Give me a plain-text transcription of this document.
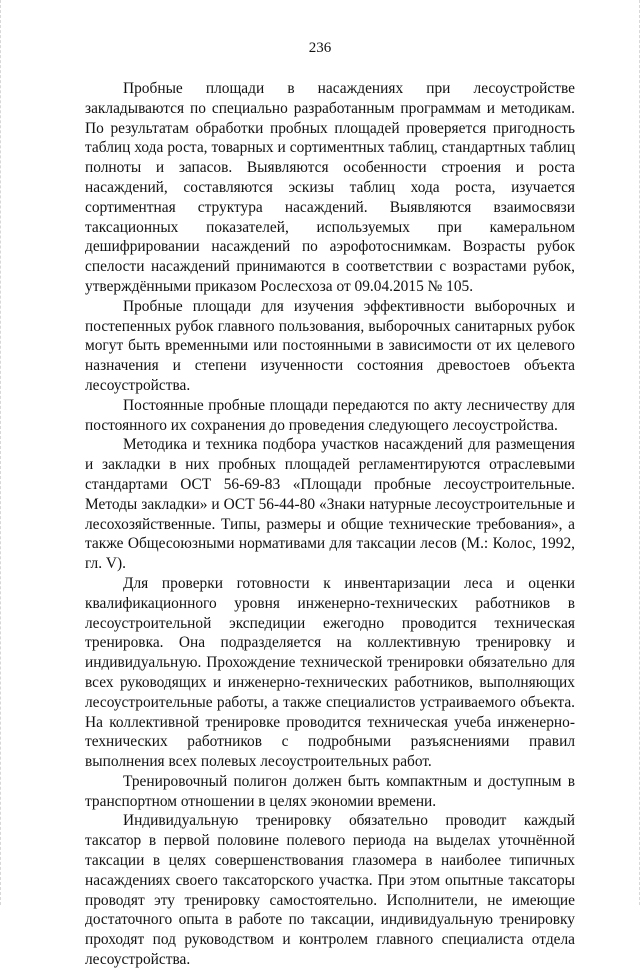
236

Пробные площади в насаждениях при лесоустройстве закладываются по специально разработанным программам и методикам. По результатам обработки пробных площадей проверяется пригодность таблиц хода роста, товарных и сортиментных таблиц, стандартных таблиц полноты и запасов. Выявляются особенности строения и роста насаждений, составляются эскизы таблиц хода роста, изучается сортиментная структура насаждений. Выявляются взаимосвязи таксационных показателей, используемых при камеральном дешифрировании насаждений по аэрофотоснимкам. Возрасты рубок спелости насаждений принимаются в соответствии с возрастами рубок, утверждёнными приказом Рослесхоза от 09.04.2015 № 105.

Пробные площади для изучения эффективности выборочных и постепенных рубок главного пользования, выборочных санитарных рубок могут быть временными или постоянными в зависимости от их целевого назначения и степени изученности состояния древостоев объекта лесоустройства.

Постоянные пробные площади передаются по акту лесничеству для постоянного их сохранения до проведения следующего лесоустройства.

Методика и техника подбора участков насаждений для размещения и закладки в них пробных площадей регламентируются отраслевыми стандартами ОСТ 56-69-83 «Площади пробные лесоустроительные. Методы закладки» и ОСТ 56-44-80 «Знаки натурные лесоустроительные и лесохозяйственные. Типы, размеры и общие технические требования», а также Общесоюзными нормативами для таксации лесов (М.: Колос, 1992, гл. V).

Для проверки готовности к инвентаризации леса и оценки квалификационного уровня инженерно-технических работников в лесоустроительной экспедиции ежегодно проводится техническая тренировка. Она подразделяется на коллективную тренировку и индивидуальную. Прохождение технической тренировки обязательно для всех руководящих и инженерно-технических работников, выполняющих лесоустроительные работы, а также специалистов устраиваемого объекта. На коллективной тренировке проводится техническая учеба инженерно-технических работников с подробными разъяснениями правил выполнения всех полевых лесоустроительных работ.

Тренировочный полигон должен быть компактным и доступным в транспортном отношении в целях экономии времени.

Индивидуальную тренировку обязательно проводит каждый таксатор в первой половине полевого периода на выделах уточнённой таксации в целях совершенствования глазомера в наиболее типичных насаждениях своего таксаторского участка. При этом опытные таксаторы проводят эту тренировку самостоятельно. Исполнители, не имеющие достаточного опыта в работе по таксации, индивидуальную тренировку проходят под руководством и контролем главного специалиста отдела лесоустройства.
